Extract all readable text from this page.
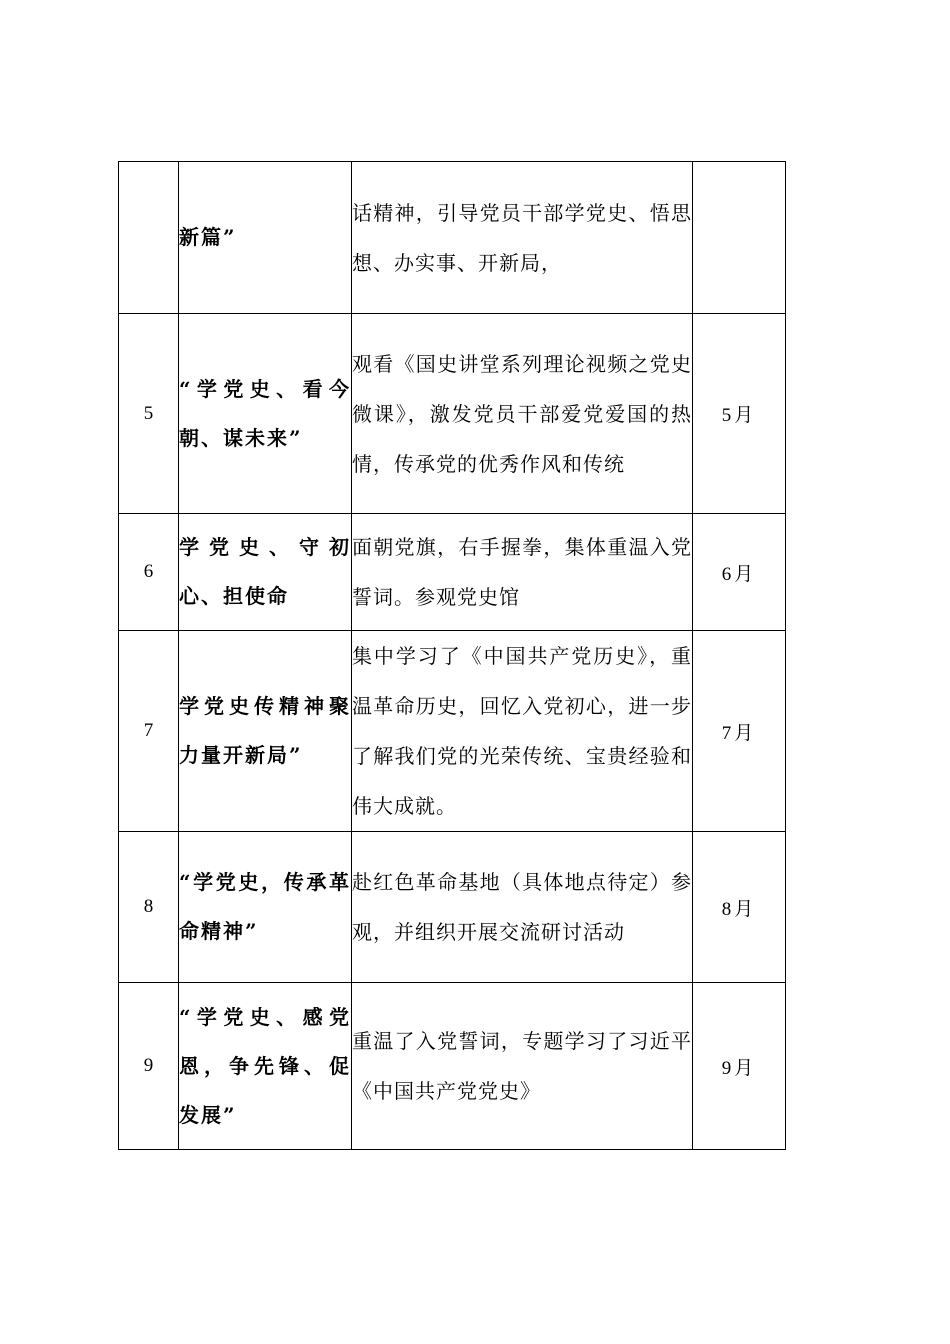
	新篇”	话精神，引导党员干部学党史、悟思想、办实事、开新局，	

5	“学党史、看今朝、谋未来”	观看《国史讲堂系列理论视频之党史微课》，激发党员干部爱党爱国的热情，传承党的优秀作风和传统	5月
6	学党史、守初心、担使命	面朝党旗，右手握拳，集体重温入党誓词。参观党史馆	6月
7	学党史传精神聚力量开新局”	集中学习了《中国共产党历史》，重温革命历史，回忆入党初心，进一步了解我们党的光荣传统、宝贵经验和伟大成就。	7月
8	“学党史，传承革命精神”	赴红色革命基地（具体地点待定）参观，并组织开展交流研讨活动	8月
9	“学党史、感党恩，争先锋、促发展”	重温了入党誓词，专题学习了习近平《中国共产党党史》	9月
